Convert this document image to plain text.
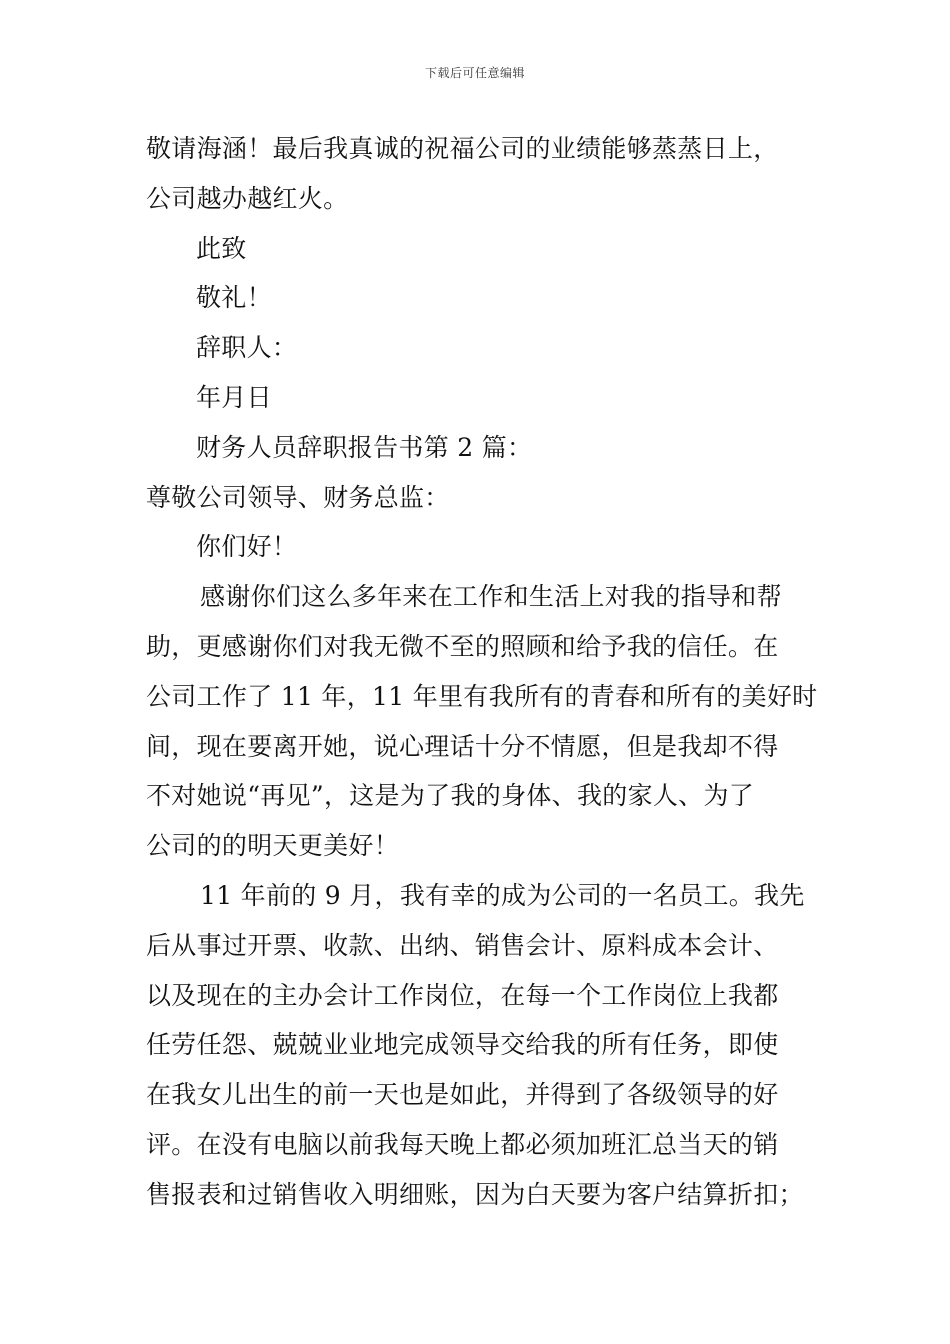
下载后可任意编辑
敬请海涵！最后我真诚的祝福公司的业绩能够蒸蒸日上，
公司越办越红火。
此致
敬礼！
辞职人：
年月日
财务人员辞职报告书第 2 篇：
尊敬公司领导、财务总监：
你们好！
感谢你们这么多年来在工作和生活上对我的指导和帮
助，更感谢你们对我无微不至的照顾和给予我的信任。在
公司工作了 11 年，11 年里有我所有的青春和所有的美好时
间，现在要离开她，说心理话十分不情愿，但是我却不得
不对她说“再见”，这是为了我的身体、我的家人、为了
公司的的明天更美好！
11 年前的 9 月，我有幸的成为公司的一名员工。我先
后从事过开票、收款、出纳、销售会计、原料成本会计、
以及现在的主办会计工作岗位，在每一个工作岗位上我都
任劳任怨、兢兢业业地完成领导交给我的所有任务，即使
在我女儿出生的前一天也是如此，并得到了各级领导的好
评。在没有电脑以前我每天晚上都必须加班汇总当天的销
售报表和过销售收入明细账，因为白天要为客户结算折扣；
